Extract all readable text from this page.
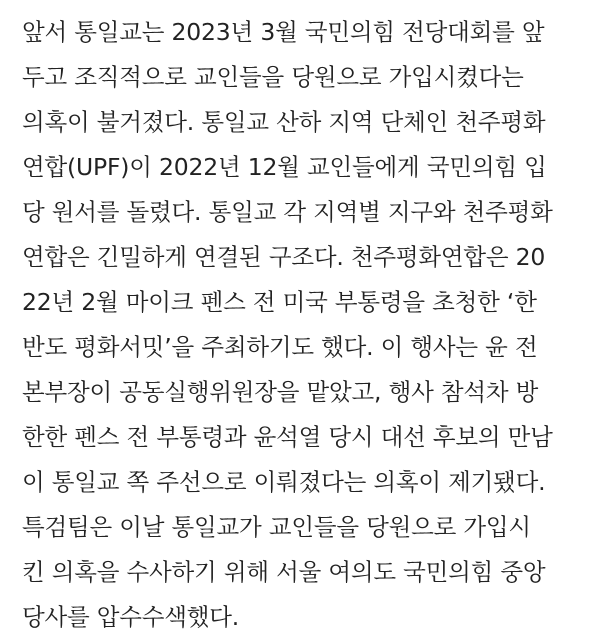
앞서 통일교는 2023년 3월 국민의힘 전당대회를 앞
두고 조직적으로 교인들을 당원으로 가입시켰다는
의혹이 불거졌다. 통일교 산하 지역 단체인 천주평화
연합(UPF)이 2022년 12월 교인들에게 국민의힘 입
당 원서를 돌렸다. 통일교 각 지역별 지구와 천주평화
연합은 긴밀하게 연결된 구조다. 천주평화연합은 20
22년 2월 마이크 펜스 전 미국 부통령을 초청한 ‘한
반도 평화서밋’을 주최하기도 했다. 이 행사는 윤 전
본부장이 공동실행위원장을 맡았고, 행사 참석차 방
한한 펜스 전 부통령과 윤석열 당시 대선 후보의 만남
이 통일교 쪽 주선으로 이뤄졌다는 의혹이 제기됐다.
특검팀은 이날 통일교가 교인들을 당원으로 가입시
킨 의혹을 수사하기 위해 서울 여의도 국민의힘 중앙
당사를 압수수색했다.
